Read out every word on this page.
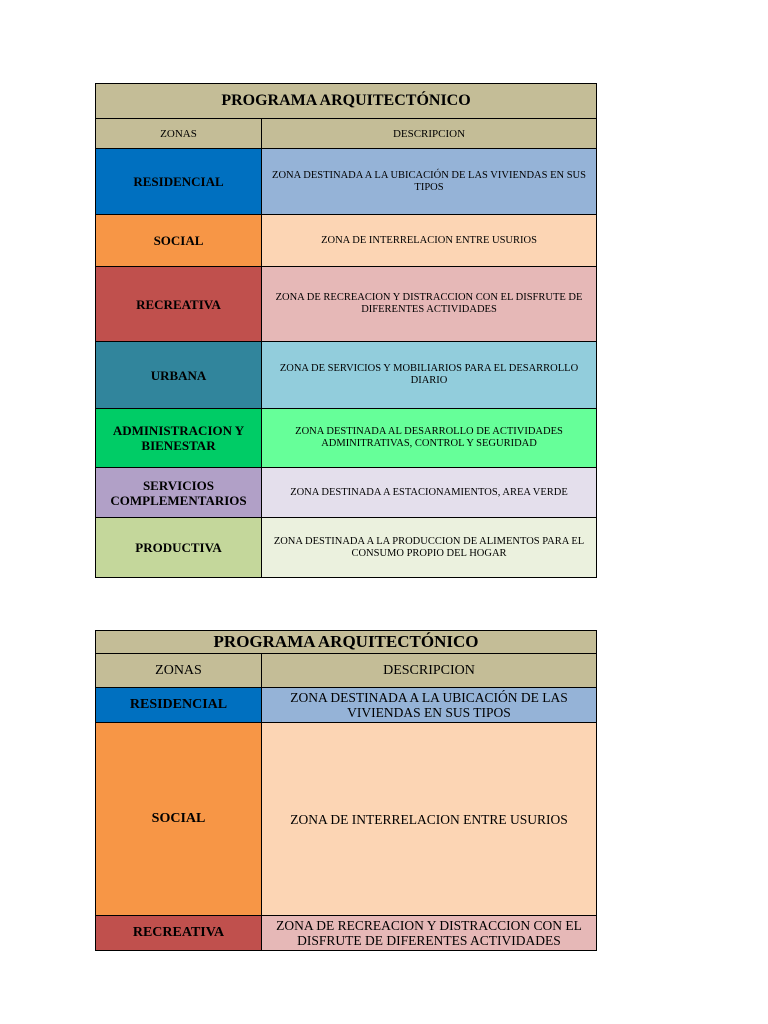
PROGRAMA ARQUITECTÓNICO	
ZONAS	DESCRIPCION
RESIDENCIAL	ZONA DESTINADA A LA UBICACIÓN DE LAS VIVIENDAS EN SUS TIPOS
SOCIAL	ZONA DE INTERRELACION ENTRE USURIOS
RECREATIVA	ZONA DE RECREACION Y DISTRACCION CON EL DISFRUTE DE DIFERENTES ACTIVIDADES
URBANA	ZONA DE SERVICIOS Y MOBILIARIOS PARA EL DESARROLLO DIARIO
ADMINISTRACION Y BIENESTAR	ZONA DESTINADA AL DESARROLLO DE ACTIVIDADES ADMINITRATIVAS, CONTROL Y SEGURIDAD
SERVICIOS COMPLEMENTARIOS	ZONA DESTINADA A ESTACIONAMIENTOS, AREA VERDE
PRODUCTIVA	ZONA DESTINADA A LA PRODUCCION DE ALIMENTOS PARA EL CONSUMO PROPIO DEL HOGAR
PROGRAMA ARQUITECTÓNICO	
ZONAS	DESCRIPCION
RESIDENCIAL	ZONA DESTINADA A LA UBICACIÓN DE LAS VIVIENDAS EN SUS TIPOS
SOCIAL	ZONA DE INTERRELACION ENTRE USURIOS
RECREATIVA	ZONA DE RECREACION Y DISTRACCION CON EL DISFRUTE DE DIFERENTES ACTIVIDADES
